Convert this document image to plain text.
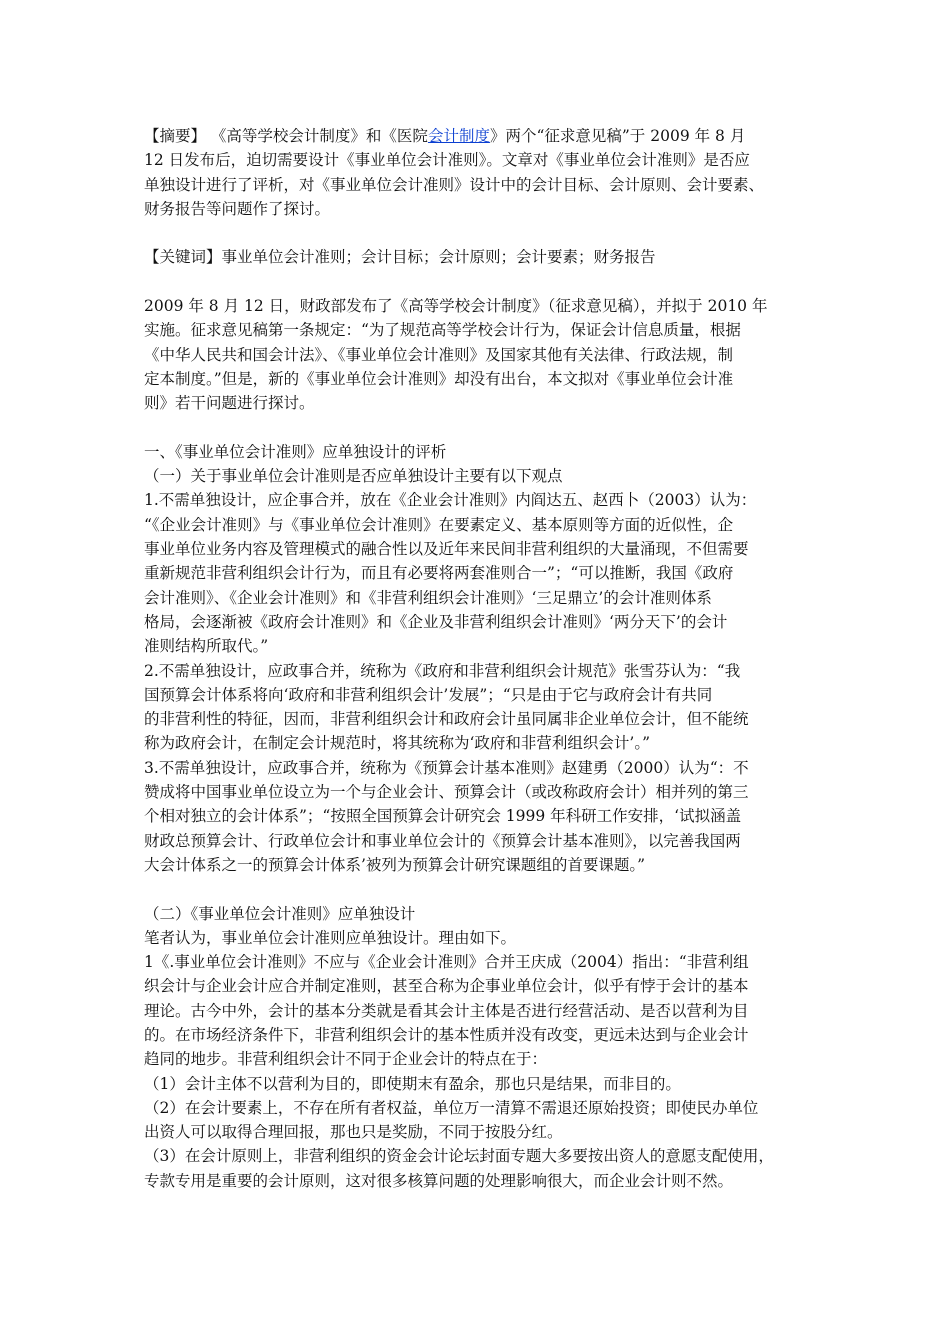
【摘要】 《高等学校会计制度》和《医院会计制度》两个“征求意见稿”于 2009 年 8 月

12 日发布后，迫切需要设计《事业单位会计准则》。文章对《事业单位会计准则》是否应

单独设计进行了评析，对《事业单位会计准则》设计中的会计目标、会计原则、会计要素、

财务报告等问题作了探讨。

【关键词】事业单位会计准则；会计目标；会计原则；会计要素；财务报告

2009 年 8 月 12 日，财政部发布了《高等学校会计制度》（征求意见稿），并拟于 2010 年

实施。征求意见稿第一条规定：“为了规范高等学校会计行为，保证会计信息质量，根据

《中华人民共和国会计法》、《事业单位会计准则》及国家其他有关法律、行政法规，制

定本制度。”但是，新的《事业单位会计准则》却没有出台，本文拟对《事业单位会计准

则》若干问题进行探讨。

一、《事业单位会计准则》应单独设计的评析

（一）关于事业单位会计准则是否应单独设计主要有以下观点

1.不需单独设计，应企事合并，放在《企业会计准则》内阎达五、赵西卜（2003）认为：

“《企业会计准则》与《事业单位会计准则》在要素定义、基本原则等方面的近似性，企

事业单位业务内容及管理模式的融合性以及近年来民间非营利组织的大量涌现，不但需要

重新规范非营利组织会计行为，而且有必要将两套准则合一”；“可以推断，我国《政府

会计准则》、《企业会计准则》和《非营利组织会计准则》‘三足鼎立’的会计准则体系

格局，会逐渐被《政府会计准则》和《企业及非营利组织会计准则》‘两分天下’的会计

准则结构所取代。”

2.不需单独设计，应政事合并，统称为《政府和非营利组织会计规范》张雪芬认为：“我

国预算会计体系将向‘政府和非营利组织会计’发展”；“只是由于它与政府会计有共同

的非营利性的特征，因而，非营利组织会计和政府会计虽同属非企业单位会计，但不能统

称为政府会计，在制定会计规范时，将其统称为‘政府和非营利组织会计’。”

3.不需单独设计，应政事合并，统称为《预算会计基本准则》赵建勇（2000）认为“：不

赞成将中国事业单位设立为一个与企业会计、预算会计（或改称政府会计）相并列的第三

个相对独立的会计体系”；“按照全国预算会计研究会 1999 年科研工作安排，‘试拟涵盖

财政总预算会计、行政单位会计和事业单位会计的《预算会计基本准则》，以完善我国两

大会计体系之一的预算会计体系’被列为预算会计研究课题组的首要课题。”

（二）《事业单位会计准则》应单独设计

笔者认为，事业单位会计准则应单独设计。理由如下。

1《.事业单位会计准则》不应与《企业会计准则》合并王庆成（2004）指出：“非营利组

织会计与企业会计应合并制定准则，甚至合称为企事业单位会计，似乎有悖于会计的基本

理论。古今中外，会计的基本分类就是看其会计主体是否进行经营活动、是否以营利为目

的。在市场经济条件下，非营利组织会计的基本性质并没有改变，更远未达到与企业会计

趋同的地步。非营利组织会计不同于企业会计的特点在于：

（1）会计主体不以营利为目的，即使期末有盈余，那也只是结果，而非目的。

（2）在会计要素上，不存在所有者权益，单位万一清算不需退还原始投资；即使民办单位

出资人可以取得合理回报，那也只是奖励，不同于按股分红。

（3）在会计原则上，非营利组织的资金会计论坛封面专题大多要按出资人的意愿支配使用，

专款专用是重要的会计原则，这对很多核算问题的处理影响很大，而企业会计则不然。
